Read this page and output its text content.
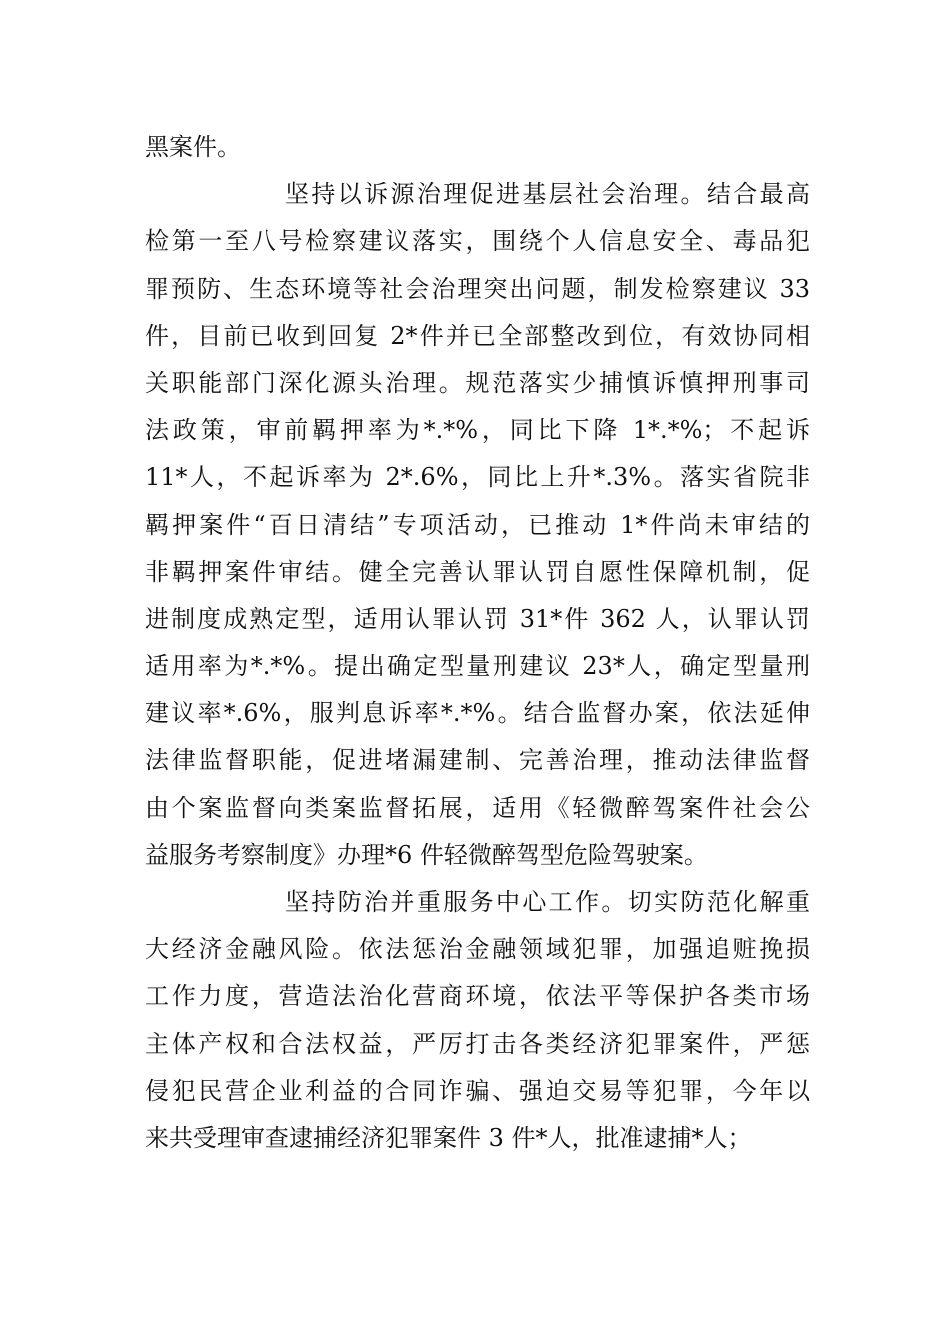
黑案件。
坚持以诉源治理促进基层社会治理。结合最高
检第一至八号检察建议落实，围绕个人信息安全、毒品犯
罪预防、生态环境等社会治理突出问题，制发检察建议 33
件，目前已收到回复 2*件并已全部整改到位，有效协同相
关职能部门深化源头治理。规范落实少捕慎诉慎押刑事司
法政策，审前羁押率为*.*%，同比下降 1*.*%；不起诉
11*人，不起诉率为 2*.6%，同比上升*.3%。落实省院非
羁押案件“百日清结”专项活动，已推动 1*件尚未审结的
非羁押案件审结。健全完善认罪认罚自愿性保障机制，促
进制度成熟定型，适用认罪认罚 31*件 362 人，认罪认罚
适用率为*.*%。提出确定型量刑建议 23*人，确定型量刑
建议率*.6%，服判息诉率*.*%。结合监督办案，依法延伸
法律监督职能，促进堵漏建制、完善治理，推动法律监督
由个案监督向类案监督拓展，适用《轻微醉驾案件社会公
益服务考察制度》办理*6 件轻微醉驾型危险驾驶案。
坚持防治并重服务中心工作。切实防范化解重
大经济金融风险。依法惩治金融领域犯罪，加强追赃挽损
工作力度，营造法治化营商环境，依法平等保护各类市场
主体产权和合法权益，严厉打击各类经济犯罪案件，严惩
侵犯民营企业利益的合同诈骗、强迫交易等犯罪，今年以
来共受理审查逮捕经济犯罪案件 3 件*人，批准逮捕*人；
